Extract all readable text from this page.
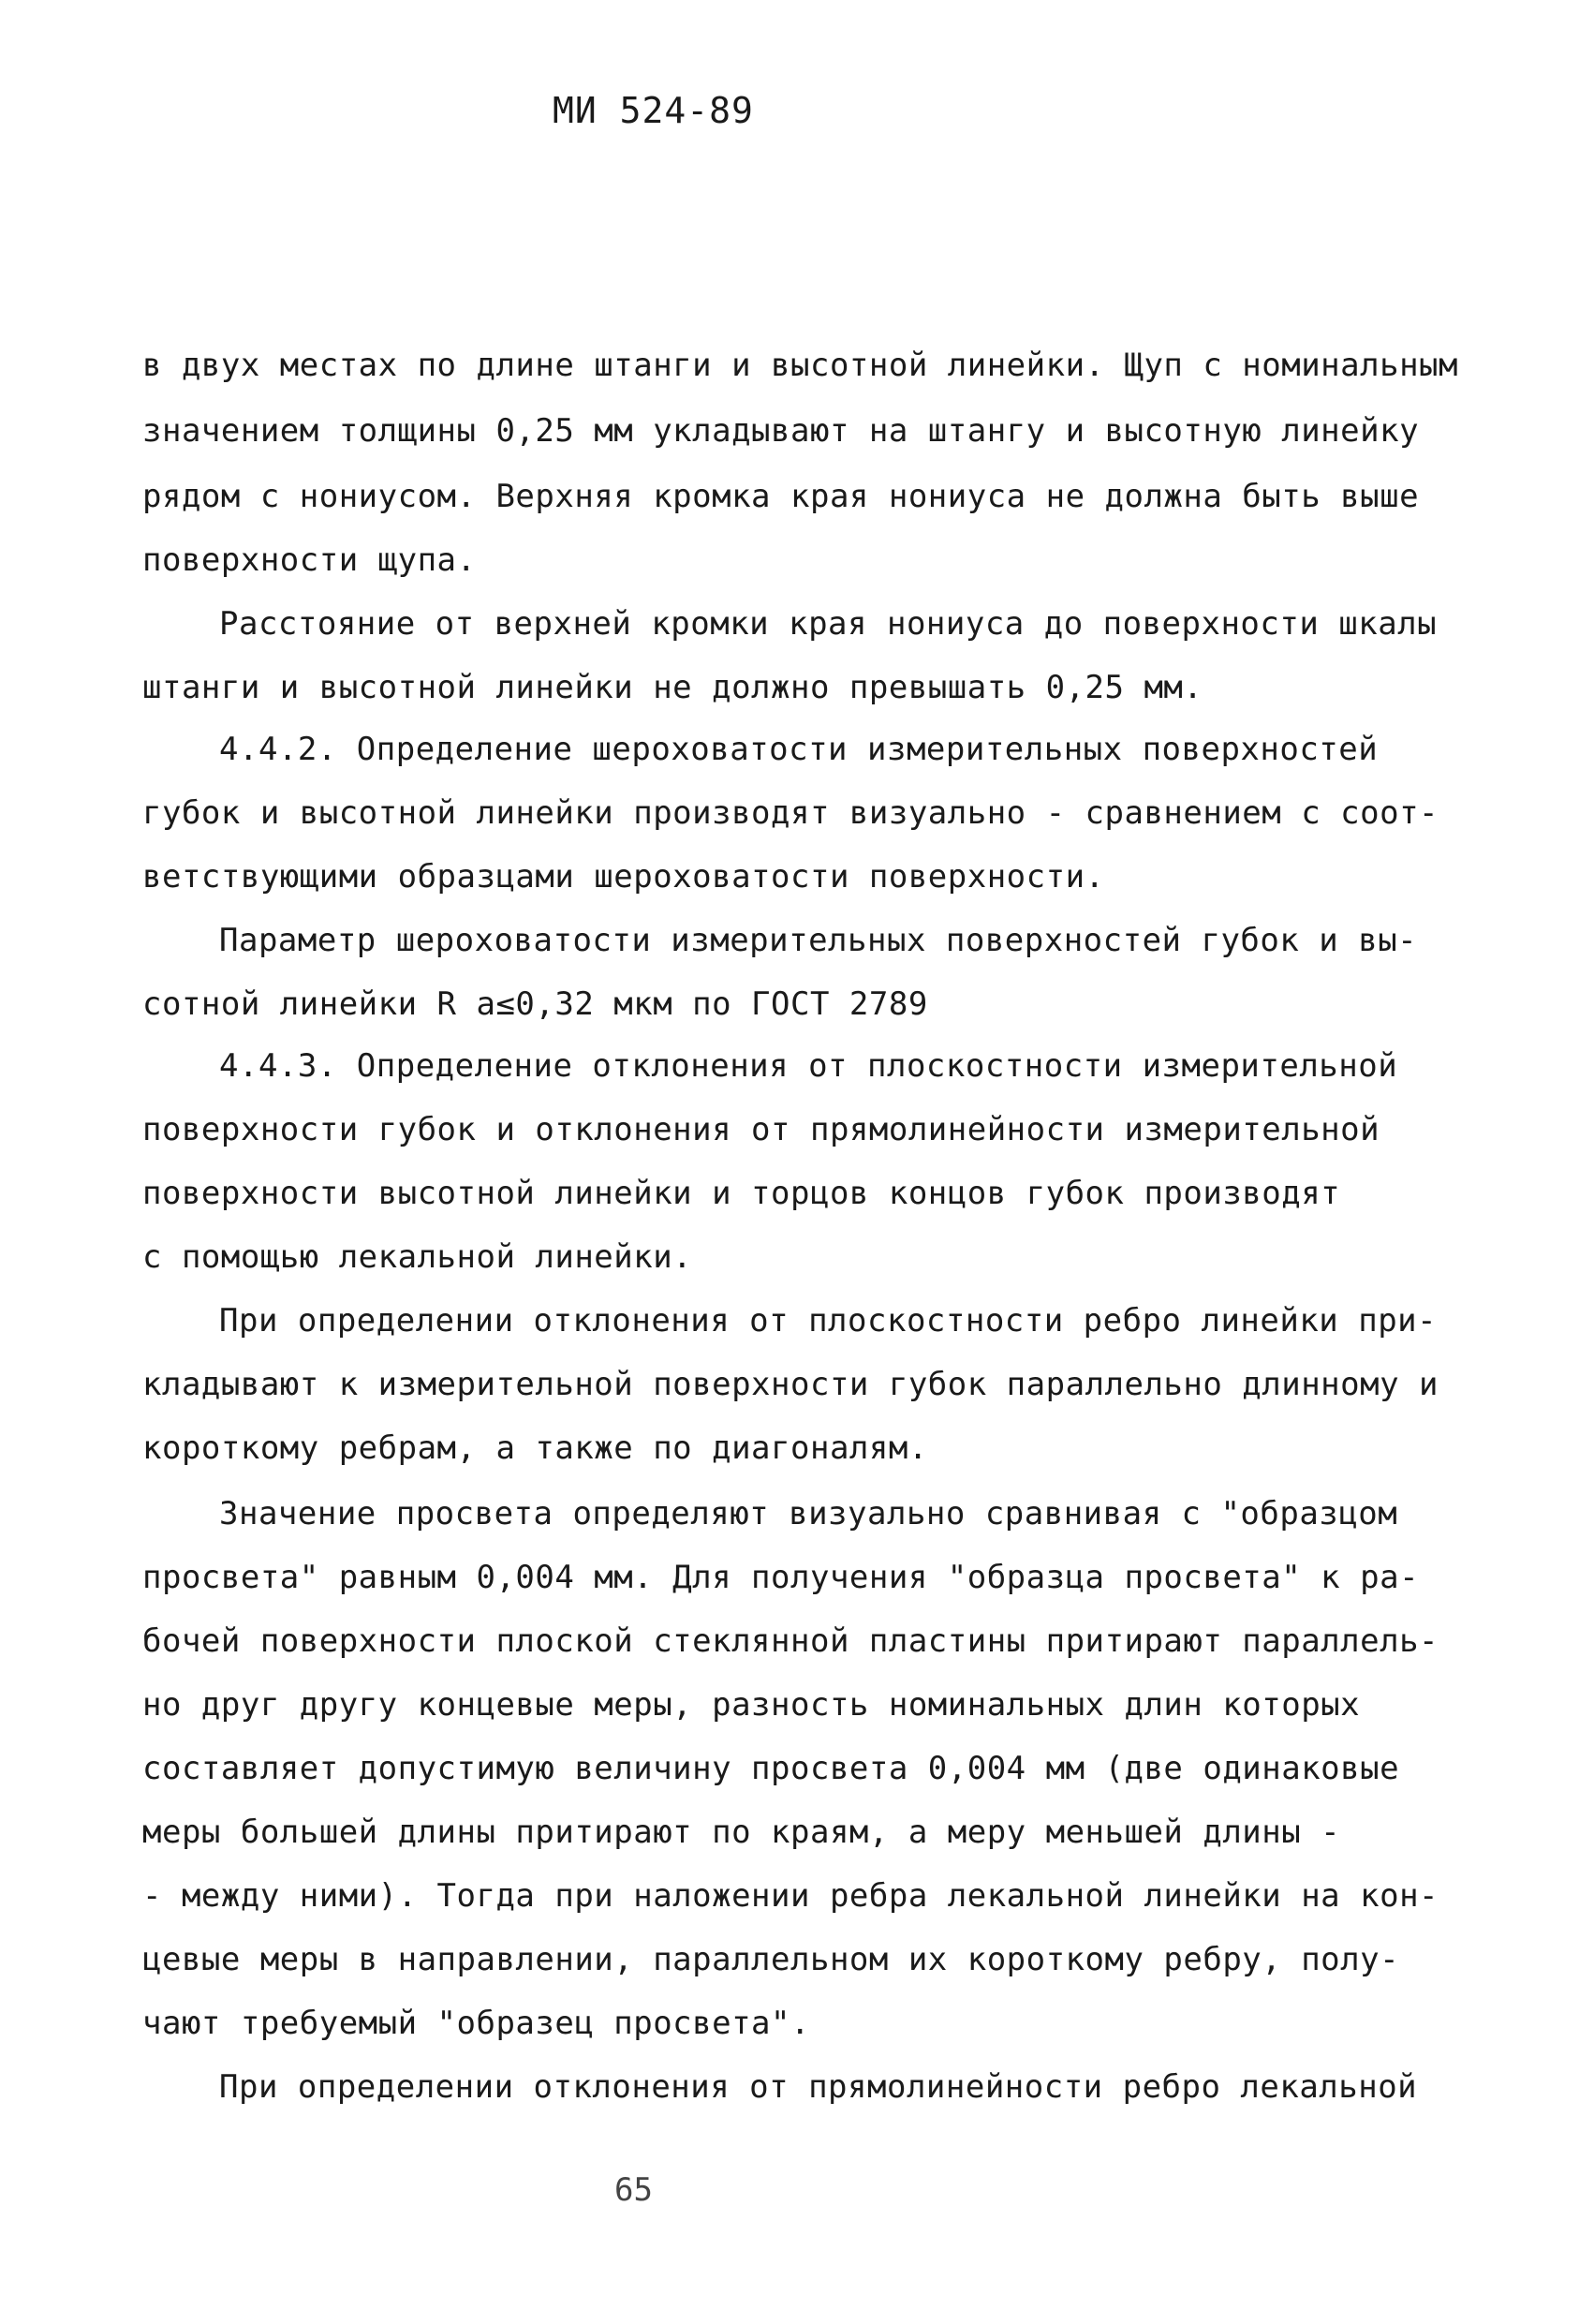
МИ 524-89
в двух местах по длине штанги и высотной линейки. Щуп с номинальным
значением толщины 0,25 мм укладывают на штангу и высотную линейку
рядом с нониусом. Верхняя кромка края нониуса не должна быть выше
поверхности щупа.
Расстояние от верхней кромки края нониуса до поверхности шкалы
штанги и высотной линейки не должно превышать 0,25 мм.
4.4.2. Определение шероховатости измерительных поверхностей
губок и высотной линейки производят визуально - сравнением с соот-
ветствующими образцами шероховатости поверхности.
Параметр шероховатости измерительных поверхностей губок и вы-
сотной линейки R a≤0,32 мкм по ГОСТ 2789
4.4.3. Определение отклонения от плоскостности измерительной
поверхности губок и отклонения от прямолинейности измерительной
поверхности высотной линейки и торцов концов губок производят
с помощью лекальной линейки.
При определении отклонения от плоскостности ребро линейки при-
кладывают к измерительной поверхности губок параллельно длинному и
короткому ребрам, а также по диагоналям.
Значение просвета определяют визуально сравнивая с "образцом
просвета" равным 0,004 мм. Для получения "образца просвета" к ра-
бочей поверхности плоской стеклянной пластины притирают параллель-
но друг другу концевые меры, разность номинальных длин которых
составляет допустимую величину просвета 0,004 мм (две одинаковые
меры большей длины притирают по краям, а меру меньшей длины -
- между ними). Тогда при наложении ребра лекальной линейки на кон-
цевые меры в направлении, параллельном их короткому ребру, полу-
чают требуемый "образец просвета".
При определении отклонения от прямолинейности ребро лекальной
65
